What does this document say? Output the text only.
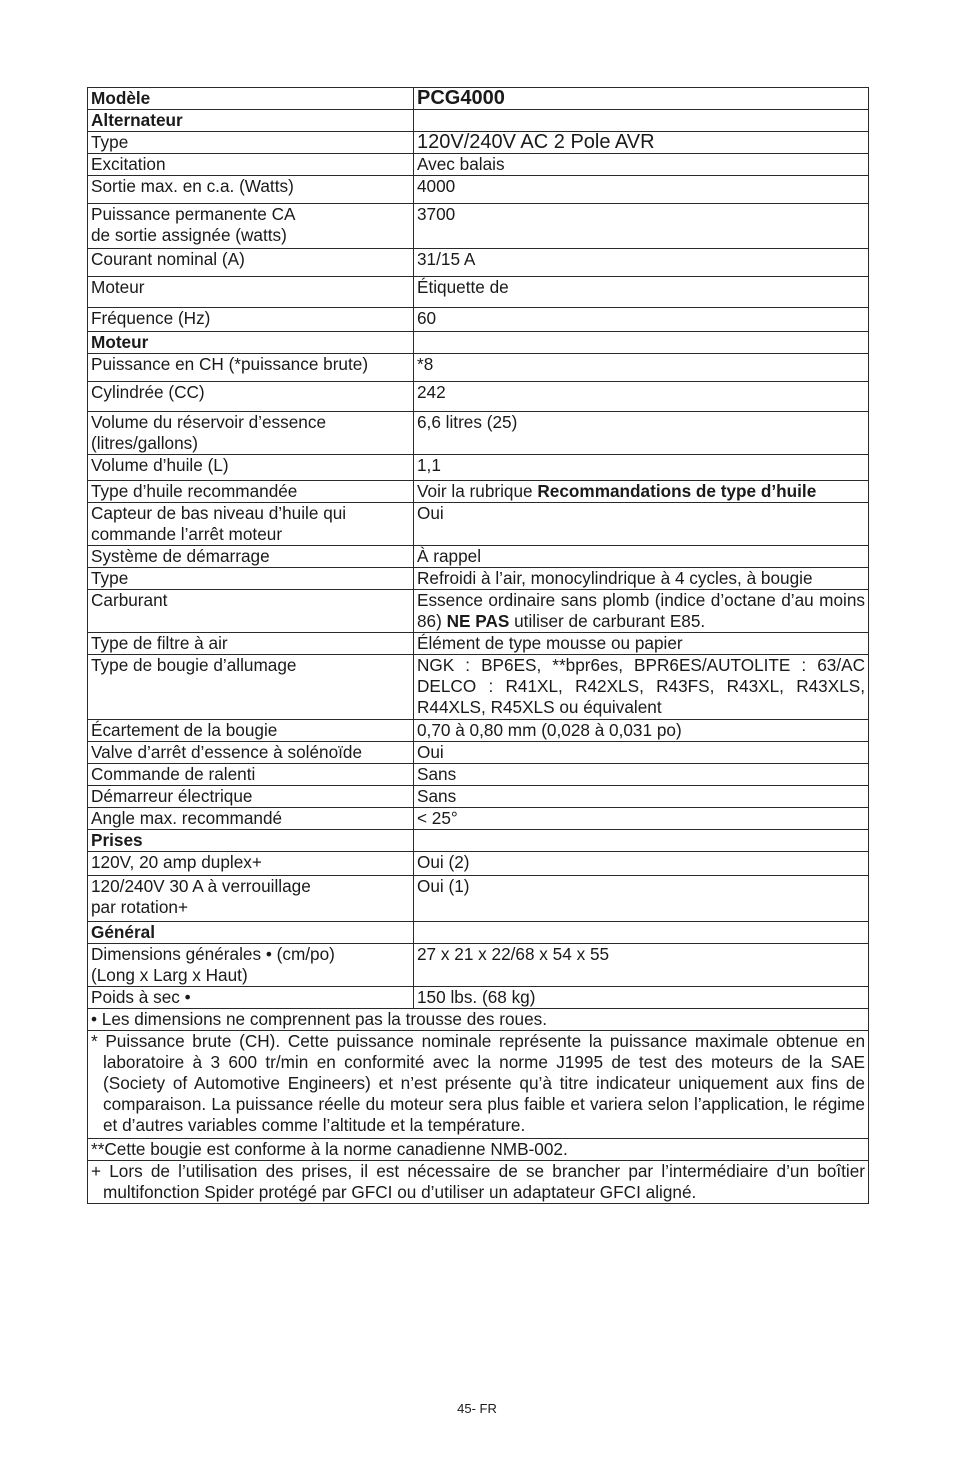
Modèle	PCG4000
Alternateur	
Type	120V/240V AC 2 Pole AVR
Excitation	Avec balais
Sortie max. en c.a. (Watts)	4000
Puissance permanente CA
de sortie assignée (watts)	3700
Courant nominal (A)	31/15 A
Moteur	Étiquette de
Fréquence (Hz)	60
Moteur	
Puissance en CH (*puissance brute)	*8
Cylindrée (CC)	242
Volume du réservoir d’essence
(litres/gallons)	6,6 litres (25)
Volume d’huile (L)	1,1
Type d’huile recommandée	Voir la rubrique Recommandations de type d’huile
Capteur de bas niveau d’huile qui
commande l’arrêt moteur	Oui
Système de démarrage	À rappel
Type	Refroidi à l’air, monocylindrique à 4 cycles, à bougie
Carburant	Essence ordinaire sans plomb (indice d’octane d’au moins 86) NE PAS utiliser de carburant E85.
Type de filtre à air	Élément de type mousse ou papier
Type de bougie d’allumage	NGK : BP6ES, **bpr6es, BPR6ES/AUTOLITE : 63/AC DELCO : R41XL, R42XLS, R43FS, R43XL, R43XLS, R44XLS, R45XLS ou équivalent
Écartement de la bougie	0,70 à 0,80 mm (0,028 à 0,031 po)
Valve d’arrêt d’essence à solénoïde	Oui
Commande de ralenti	Sans
Démarreur électrique	Sans
Angle max. recommandé	< 25°
Prises	
120V, 20 amp duplex+	Oui (2)
120/240V 30 A à verrouillage
par rotation+	Oui (1)
Général	
Dimensions générales • (cm/po)
(Long x Larg x Haut)	27 x 21 x 22/68 x 54 x 55
Poids à sec •	150 lbs. (68 kg)
• Les dimensions ne comprennent pas la trousse des roues.	

* Puissance brute (CH). Cette puissance nominale représente la puissance maximale obtenue en laboratoire à 3 600 tr/min en conformité avec la norme J1995 de test des moteurs de la SAE (Society of Automotive Engineers) et n’est présente qu’à titre indicateur uniquement aux fins de comparaison. La puissance réelle du moteur sera plus faible et variera selon l’application, le régime et d’autres variables comme l’altitude et la température.	

**Cette bougie est conforme à la norme canadienne NMB-002.	

+ Lors de l’utilisation des prises, il est nécessaire de se brancher par l’intermédiaire d’un boîtier multifonction Spider protégé par GFCI ou d’utiliser un adaptateur GFCI aligné.	
45- FR
